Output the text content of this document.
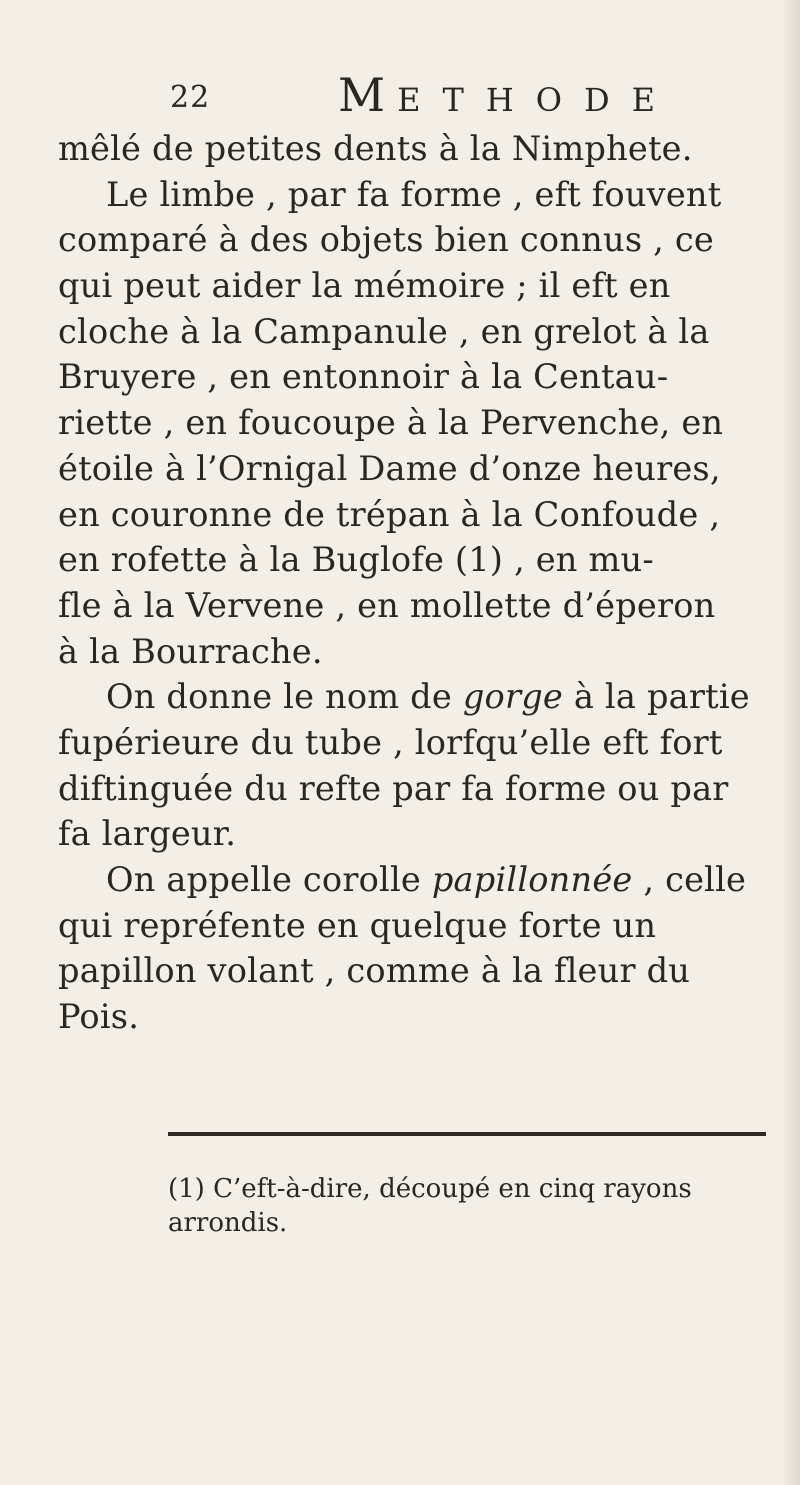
22	M ETHODE
mêlé de petites dents à la Nimphete.
Le limbe , par fa forme , eft fouvent
comparé à des objets bien connus , ce
qui peut aider la mémoire ; il eft en
cloche à la Campanule , en grelot à la
Bruyere , en entonnoir à la Centau-
riette , en foucoupe à la Pervenche, en
étoile à l’Ornigal Dame d’onze heures,
en couronne de trépan à la Confoude ,
en rofette à la Buglofe (1) , en mu-
fle à la Vervene , en mollette d’éperon
à la Bourrache.
On donne le nom de gorge à la partie
fupérieure du tube , lorfqu’elle eft fort
diftinguée du refte par fa forme ou par
fa largeur.
On appelle corolle papillonnée , celle
qui repréfente en quelque forte un
papillon volant , comme à la fleur du
Pois.
(1) C’eft-à-dire, découpé en cinq rayons
arrondis.
